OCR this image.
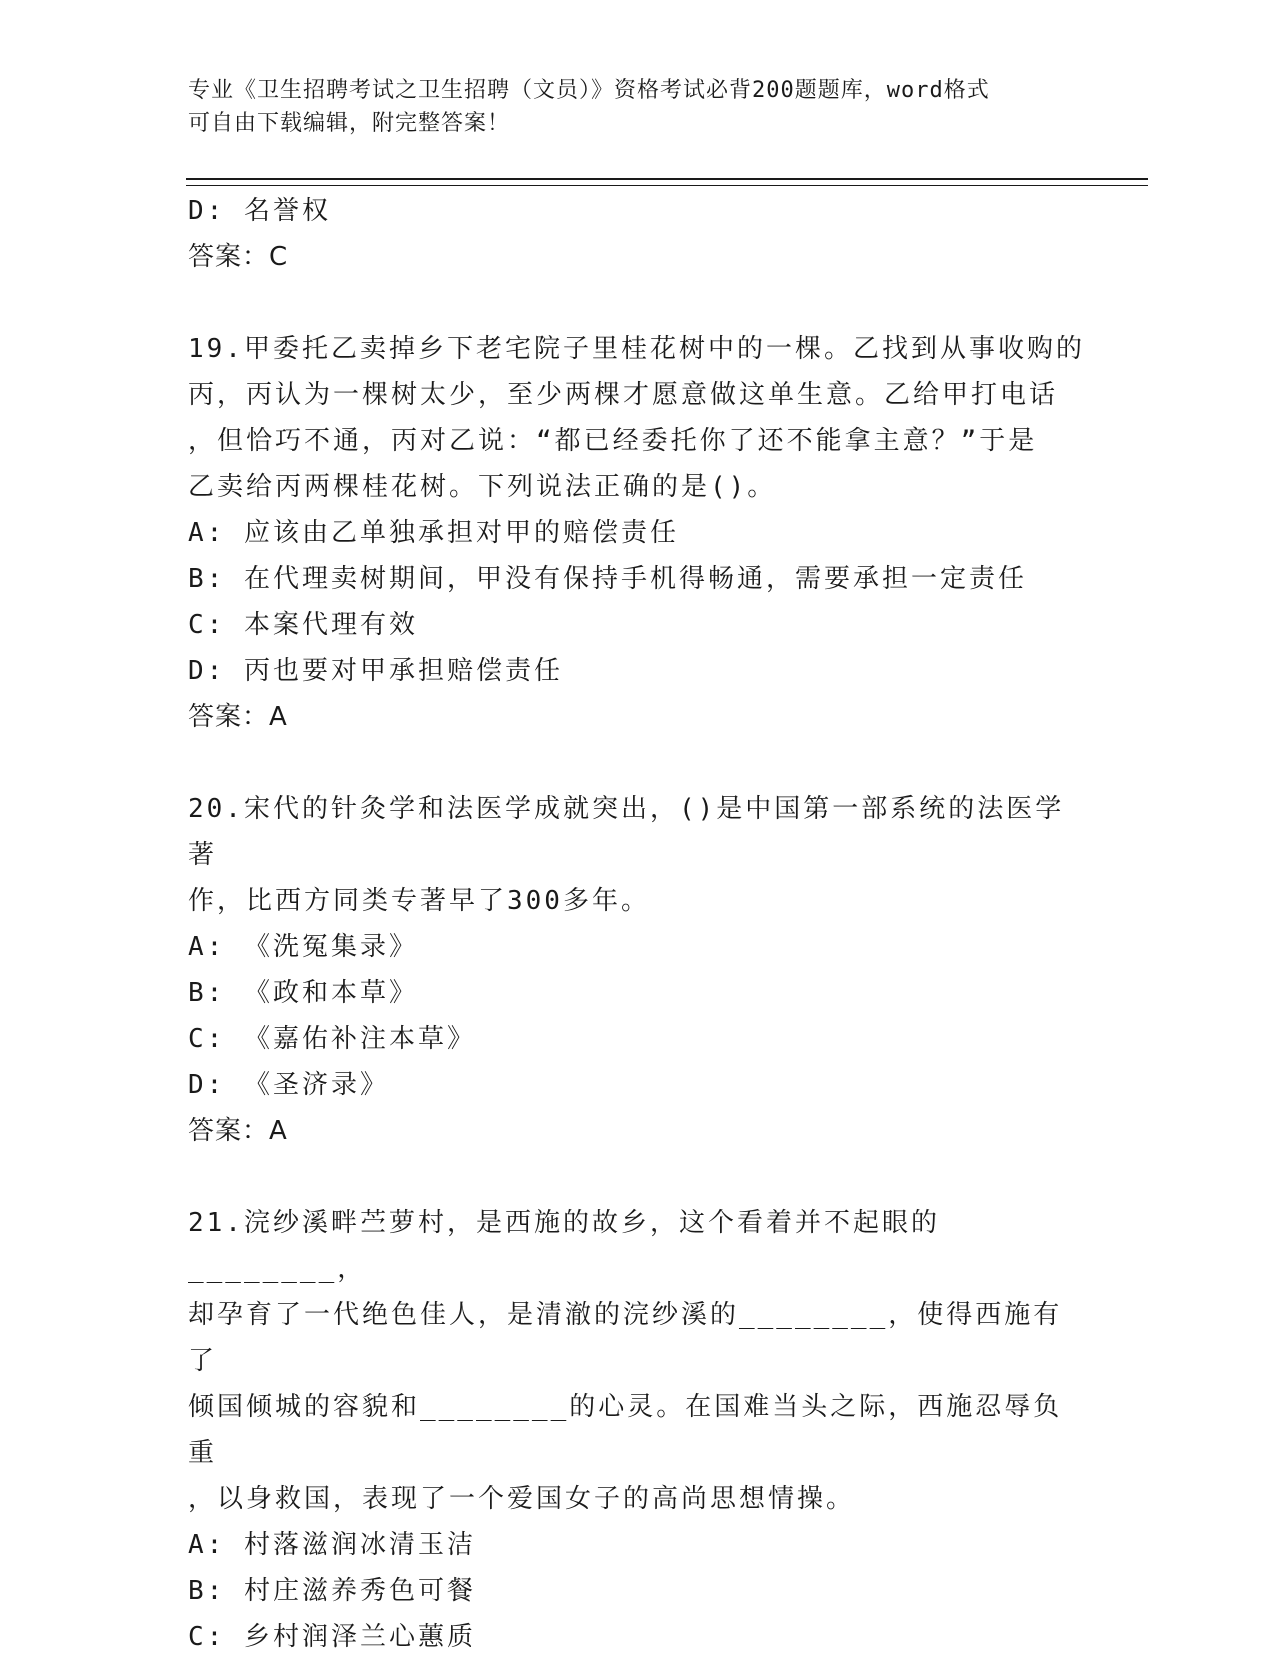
专业《卫生招聘考试之卫生招聘（文员）》资格考试必背200题题库，word格式
可自由下载编辑，附完整答案！
D: 名誉权
答案：C
19.甲委托乙卖掉乡下老宅院子里桂花树中的一棵。乙找到从事收购的
丙，丙认为一棵树太少，至少两棵才愿意做这单生意。乙给甲打电话
，但恰巧不通，丙对乙说：“都已经委托你了还不能拿主意？”于是
乙卖给丙两棵桂花树。下列说法正确的是()。
A: 应该由乙单独承担对甲的赔偿责任
B: 在代理卖树期间，甲没有保持手机得畅通，需要承担一定责任
C: 本案代理有效
D: 丙也要对甲承担赔偿责任
答案：A
20.宋代的针灸学和法医学成就突出，()是中国第一部系统的法医学著
作，比西方同类专著早了300多年。
A: 《洗冤集录》
B: 《政和本草》
C: 《嘉佑补注本草》
D: 《圣济录》
答案：A
21.浣纱溪畔苎萝村，是西施的故乡，这个看着并不起眼的________，
却孕育了一代绝色佳人，是清澈的浣纱溪的________，使得西施有了
倾国倾城的容貌和________的心灵。在国难当头之际，西施忍辱负重
，以身救国，表现了一个爱国女子的高尚思想情操。
A: 村落滋润冰清玉洁
B: 村庄滋养秀色可餐
C: 乡村润泽兰心蕙质
